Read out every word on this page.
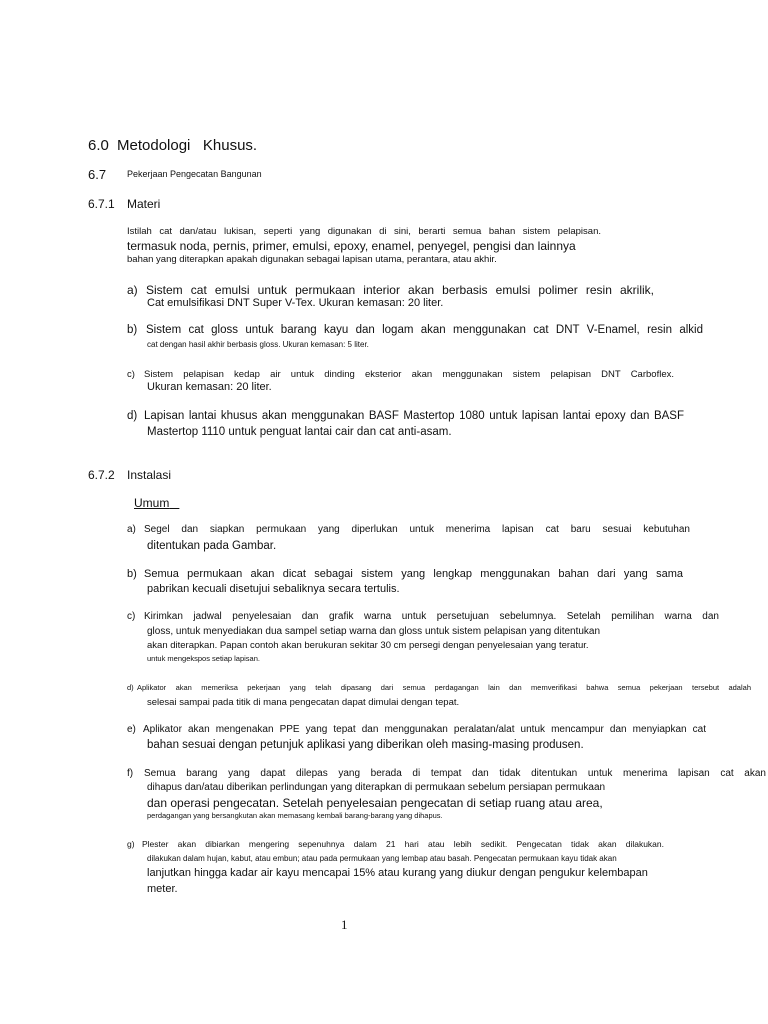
6.0 Metodologi   Khusus.
6.7 Pekerjaan Pengecatan Bangunan
6.7.1 Materi
Istilah cat dan/atau lukisan, seperti yang digunakan di sini, berarti semua bahan sistem pelapisan.
termasuk noda, pernis, primer, emulsi, epoxy, enamel, penyegel, pengisi dan lainnya
bahan yang diterapkan apakah digunakan sebagai lapisan utama, perantara, atau akhir.
a) Sistem cat emulsi untuk permukaan interior akan berbasis emulsi polimer resin akrilik,
Cat emulsifikasi DNT Super V-Tex. Ukuran kemasan: 20 liter.
b) Sistem cat gloss untuk barang kayu dan logam akan menggunakan cat DNT V-Enamel, resin alkid
cat dengan hasil akhir berbasis gloss. Ukuran kemasan: 5 liter.
c) Sistem pelapisan kedap air untuk dinding eksterior akan menggunakan sistem pelapisan DNT Carboflex.
Ukuran kemasan: 20 liter.
d) Lapisan lantai khusus akan menggunakan BASF Mastertop 1080 untuk lapisan lantai epoxy dan BASF
Mastertop 1110 untuk penguat lantai cair dan cat anti-asam.
6.7.2 Instalasi
Umum
a) Segel dan siapkan permukaan yang diperlukan untuk menerima lapisan cat baru sesuai kebutuhan
ditentukan pada Gambar.
b) Semua permukaan akan dicat sebagai sistem yang lengkap menggunakan bahan dari yang sama
pabrikan kecuali disetujui sebaliknya secara tertulis.
c) Kirimkan jadwal penyelesaian dan grafik warna untuk persetujuan sebelumnya. Setelah pemilihan warna dan
gloss, untuk menyediakan dua sampel setiap warna dan gloss untuk sistem pelapisan yang ditentukan
akan diterapkan. Papan contoh akan berukuran sekitar 30 cm persegi dengan penyelesaian yang teratur.
untuk mengekspos setiap lapisan.
d) Aplikator akan memeriksa pekerjaan yang telah dipasang dari semua perdagangan lain dan memverifikasi bahwa semua pekerjaan tersebut adalah
selesai sampai pada titik di mana pengecatan dapat dimulai dengan tepat.
e) Aplikator akan mengenakan PPE yang tepat dan menggunakan peralatan/alat untuk mencampur dan menyiapkan cat
bahan sesuai dengan petunjuk aplikasi yang diberikan oleh masing-masing produsen.
f) Semua barang yang dapat dilepas yang berada di tempat dan tidak ditentukan untuk menerima lapisan cat akan
dihapus dan/atau diberikan perlindungan yang diterapkan di permukaan sebelum persiapan permukaan
dan operasi pengecatan. Setelah penyelesaian pengecatan di setiap ruang atau area,
perdagangan yang bersangkutan akan memasang kembali barang-barang yang dihapus.
g) Plester akan dibiarkan mengering sepenuhnya dalam 21 hari atau lebih sedikit. Pengecatan tidak akan dilakukan.
dilakukan dalam hujan, kabut, atau embun; atau pada permukaan yang lembap atau basah. Pengecatan permukaan kayu tidak akan
lanjutkan hingga kadar air kayu mencapai 15% atau kurang yang diukur dengan pengukur kelembapan
meter.
1
